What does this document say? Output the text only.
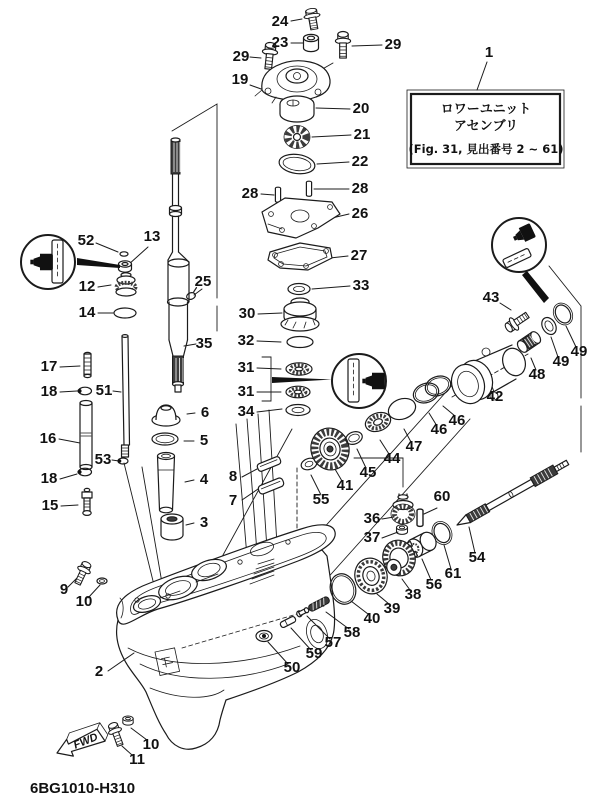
ロワーユニット
アセンブリ
(Fig. 31, 見出番号 2 ~ 61)
FWD
6BG1010-H310
1
2
3
4
5
6
7
8
9
10
10
11
12
13
14
15
16
17
18
18
19
20
21
22
23
24
25
26
27
28	28
29
29
30
31
31
32
33
34
35
36
37
38
39
40
41
42
43
44
45
46
46
47
48
49
49
50
51
52
53
54
55
56
57
58
59
60
61
